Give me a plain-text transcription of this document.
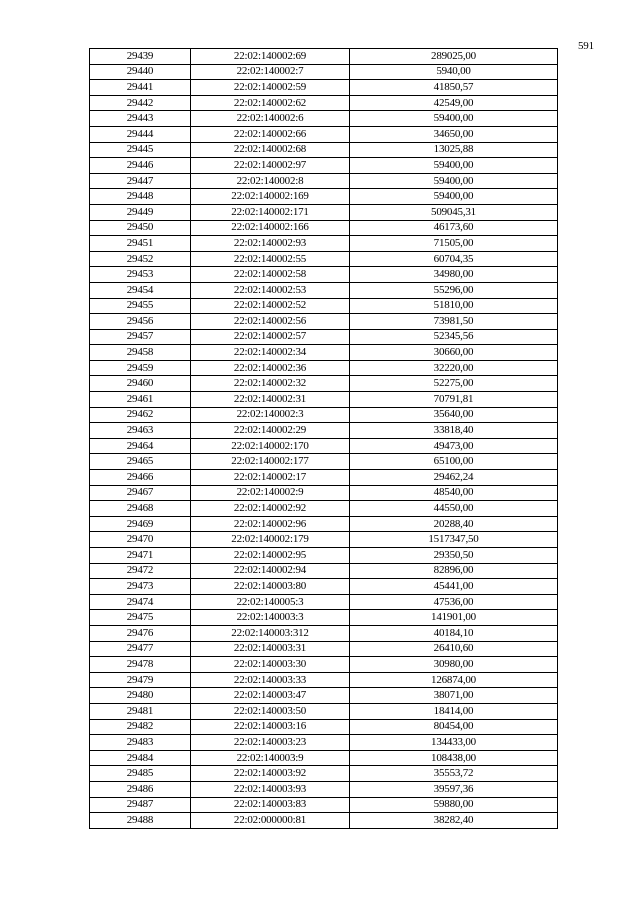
591
29439	22:02:140002:69	289025,00
29440	22:02:140002:7	5940,00
29441	22:02:140002:59	41850,57
29442	22:02:140002:62	42549,00
29443	22:02:140002:6	59400,00
29444	22:02:140002:66	34650,00
29445	22:02:140002:68	13025,88
29446	22:02:140002:97	59400,00
29447	22:02:140002:8	59400,00
29448	22:02:140002:169	59400,00
29449	22:02:140002:171	509045,31
29450	22:02:140002:166	46173,60
29451	22:02:140002:93	71505,00
29452	22:02:140002:55	60704,35
29453	22:02:140002:58	34980,00
29454	22:02:140002:53	55296,00
29455	22:02:140002:52	51810,00
29456	22:02:140002:56	73981,50
29457	22:02:140002:57	52345,56
29458	22:02:140002:34	30660,00
29459	22:02:140002:36	32220,00
29460	22:02:140002:32	52275,00
29461	22:02:140002:31	70791,81
29462	22:02:140002:3	35640,00
29463	22:02:140002:29	33818,40
29464	22:02:140002:170	49473,00
29465	22:02:140002:177	65100,00
29466	22:02:140002:17	29462,24
29467	22:02:140002:9	48540,00
29468	22:02:140002:92	44550,00
29469	22:02:140002:96	20288,40
29470	22:02:140002:179	1517347,50
29471	22:02:140002:95	29350,50
29472	22:02:140002:94	82896,00
29473	22:02:140003:80	45441,00
29474	22:02:140005:3	47536,00
29475	22:02:140003:3	141901,00
29476	22:02:140003:312	40184,10
29477	22:02:140003:31	26410,60
29478	22:02:140003:30	30980,00
29479	22:02:140003:33	126874,00
29480	22:02:140003:47	38071,00
29481	22:02:140003:50	18414,00
29482	22:02:140003:16	80454,00
29483	22:02:140003:23	134433,00
29484	22:02:140003:9	108438,00
29485	22:02:140003:92	35553,72
29486	22:02:140003:93	39597,36
29487	22:02:140003:83	59880,00
29488	22:02:000000:81	38282,40
